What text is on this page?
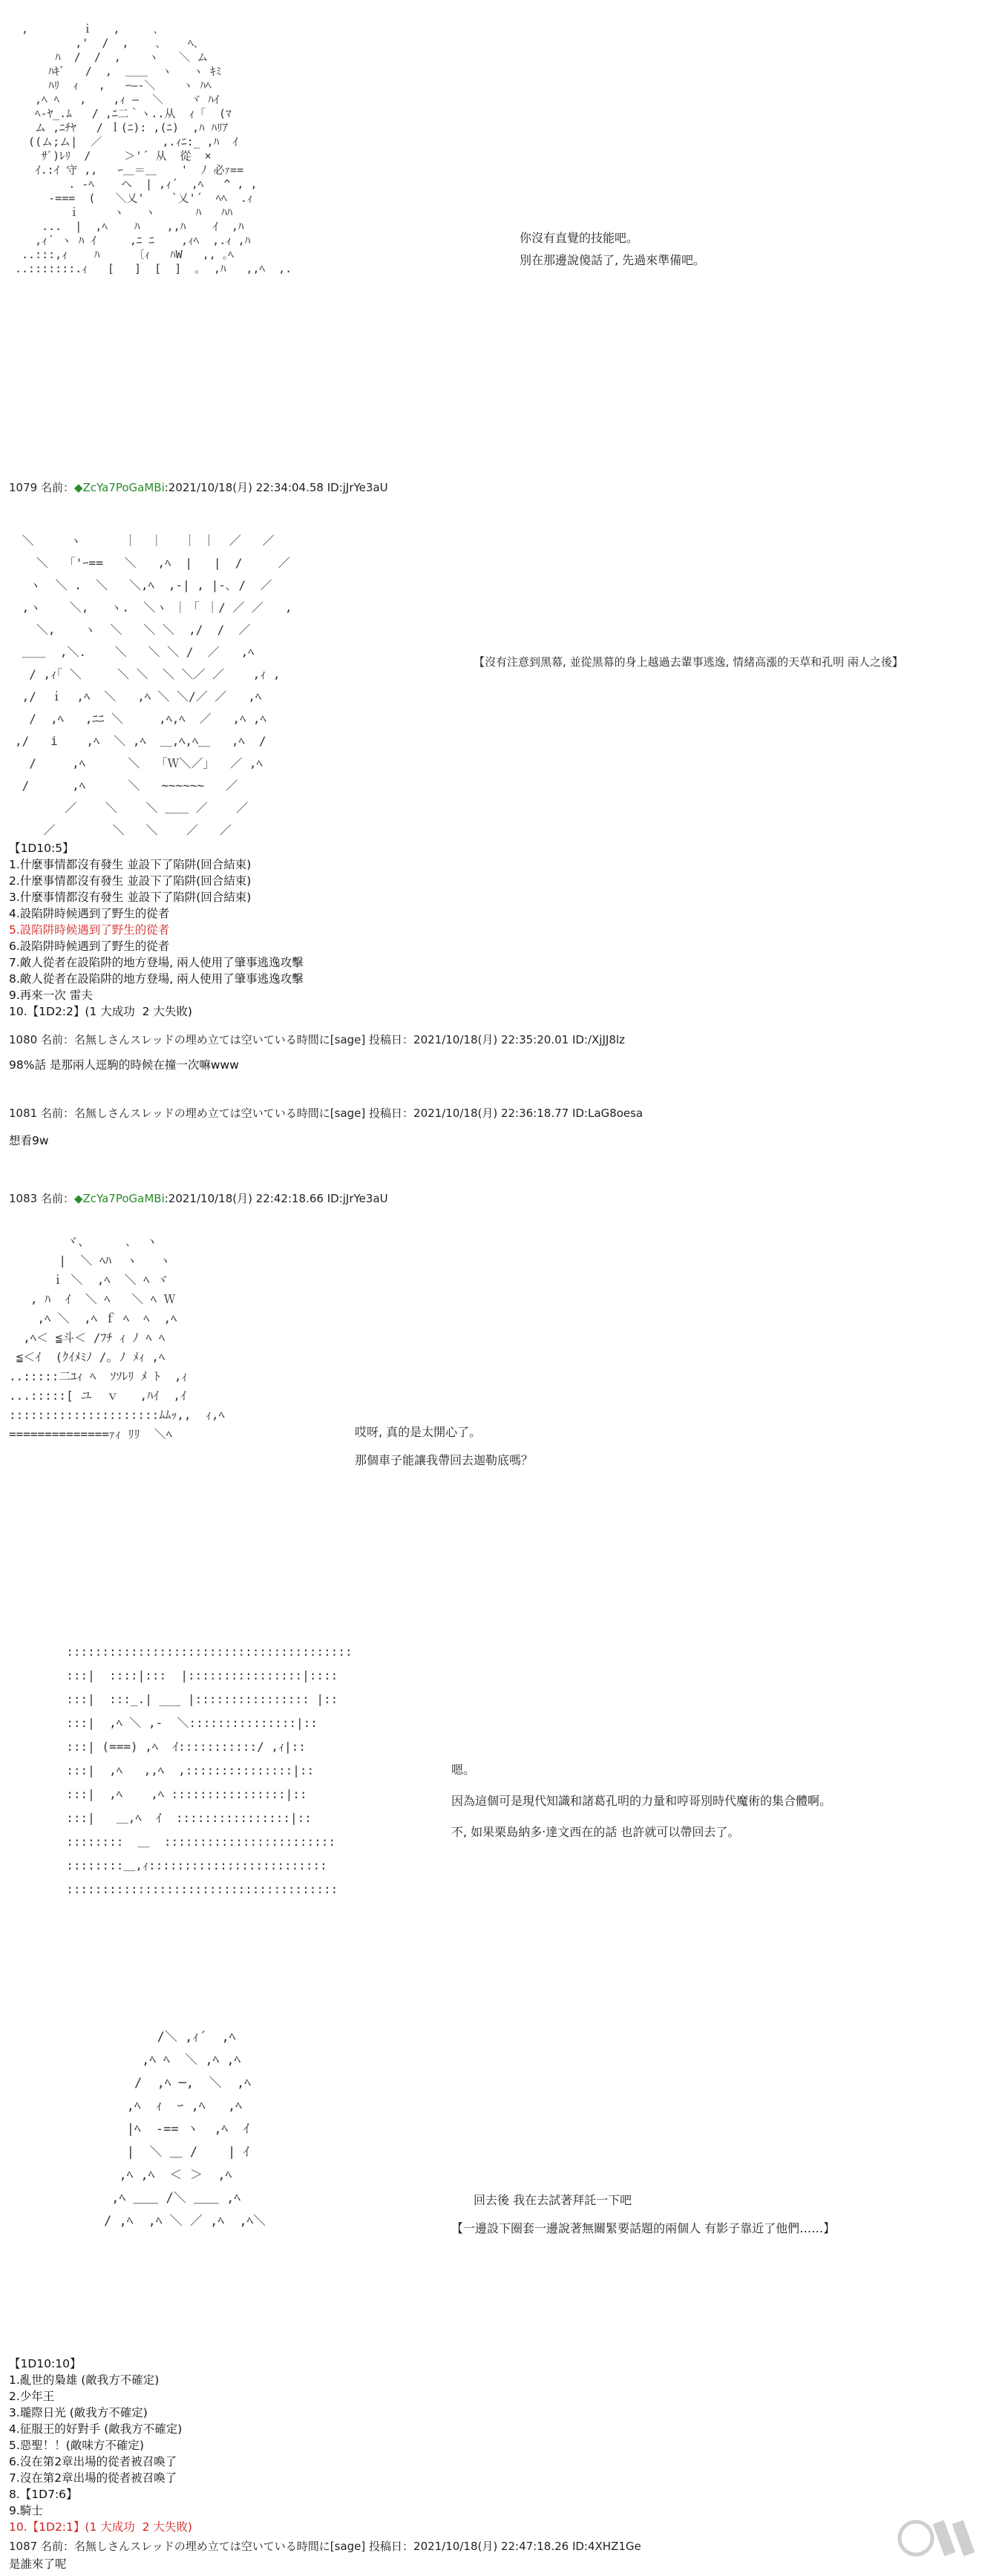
,        ｉ   ,     ､
,'  /  ,    ､    ﾍ､
ﾊ  /  /  ,    ヽ   ＼ ム
ﾊｷﾞ   /  ,  ＿＿  ヽ   ヽ ｷﾐ
ﾊﾘ  ｨ   ,   ｰ―-＼    ヽ ﾊﾍ
,ﾍ ﾍ   ,    ,ｨ ―  ＼    ヾ ﾊｲ
ﾍ-ﾔ_.ﾑ   / ,ﾆ二｀ヽ..从  ｨ「  (ﾏ
ム ,ﾆﾁﾔ   / ｌ(ﾆ): ,(ﾆ)  ,ﾊ ﾊﾘｱ
((ム;ム|  ／         ,.ｨﾆ:_ ,ﾊ  ｲ
ｻﾞ)ﾚﾘ  /     ＞'´ 从  從  ×
ｲ.:ｲ 守 ,,   ｰ＿＝＿　  '  ﾉ 必ｧ==
. -ﾍ    ヘ  | ,ｨ´  ,ﾍ   ^ , ,
-===  (   ＼乂'    `乂'´  ﾍﾍ  .ｨ
ｉ     ヽ   ヽ      ﾊ   ﾊﾊ
...  |  ,ﾍ    ﾊ    ,,ﾊ    ｲ  ,ﾊ
,ｨ´ ヽ ﾊ ｲ     ,ﾆ ﾆ    ,ｨﾍ  ,.ｨ ,ﾊ
..:::,ｨ    ﾊ     〔ｨ   ﾊW   ,, ｡ﾍ
..:::::::.ｨ   [   ]  [  ]  ｡  ,ﾊ   ,,ﾍ  ,.
你沒有直覺的技能吧。
別在那邊說傻話了, 先過來準備吧。
1079 名前：◆ZcYa7PoGaMBi:2021/10/18(月) 22:34:04.58 ID:jJrYe3aU
＼     ヽ      ｜  ｜   ｜ ｜  ／   ／
＼   ｢'ｰ==   ＼   ,ﾍ  |   |  /     ／
ヽ  ＼ .  ＼   ＼,ﾍ  ,-| , |-､ /  ／
,ヽ    ＼,   ヽ.  ＼ヽ ｜ ｢ ｜/ ／ ／   ,
＼,    ヽ  ＼   ＼ ＼  ,/  /  ／
＿＿  ,＼.    ＼   ＼ ＼ /  ／   ,ﾍ
/ ,ｨ｢ ＼     ＼ ＼  ＼ ＼／ ／    ,ｨ ,
,/  ｉ  ,ﾍ  ＼   ,ﾍ ＼ ＼/／ ／   ,ﾍ
/  ,ﾍ   ,ﾆﾆ ＼     ,ﾍ,ﾍ  ／   ,ﾍ ,ﾍ
,/   i    ,ﾍ  ＼ ,ﾍ  ＿,ﾍ,ﾍ＿   ,ﾍ  /
/     ,ﾍ      ＼   ｢Ｗ＼／｣   ／ ,ﾍ
/      ,ﾍ      ＼   ~~~~~~   ／
／    ＼    ＼ ＿＿ ／    ／
／        ＼   ＼    ／   ／
【沒有注意到黑幕, 並從黑幕的身上越過去輩事逃逸, 情緒高漲的天草和孔明 兩人之後】
【1D10:5】
1.什麼事情都沒有發生 並設下了陷阱(回合結束)
2.什麼事情都沒有發生 並設下了陷阱(回合結束)
3.什麼事情都沒有發生 並設下了陷阱(回合結束)
4.設陷阱時候遇到了野生的從者
5.設陷阱時候遇到了野生的從者
6.設陷阱時候遇到了野生的從者
7.敵人從者在設陷阱的地方登場, 兩人使用了肇事逃逸攻擊
8.敵人從者在設陷阱的地方登場, 兩人使用了肇事逃逸攻擊
9.再來一次 雷夫
10.【1D2:2】(1 大成功  2 大失敗)
1080 名前：名無しさんスレッドの埋め立ては空いている時間に[sage] 投稿日：2021/10/18(月) 22:35:20.01 ID:/XjJJ8lz
98%話 是那兩人逕駒的時候在撞一次嘛www
1081 名前：名無しさんスレッドの埋め立ては空いている時間に[sage] 投稿日：2021/10/18(月) 22:36:18.77 ID:LaG8oesa
想看9w
1083 名前：◆ZcYa7PoGaMBi:2021/10/18(月) 22:42:18.66 ID:jJrYe3aU
ヾ、     ､  ヽ
|  ＼ ﾍﾊ  ヽ   ヽ
ｉ ＼  ,ﾍ  ＼ ﾍ ヾ
, ﾊ  ｲ  ＼ ﾍ   ＼ ﾍ Ｗ
,ﾍ ＼  ,ﾍ ｆ ﾍ  ﾍ  ,ﾍ
,ﾍ＜ ≦斗＜ /ﾌﾁ ｨ ﾉ ﾍ ﾍ
≦＜ｲ  (ｸｲﾒﾐﾉ /｡ ﾉ ﾒｨ ,ﾍ
..:::::二ﾕｨ ﾍ  ｿｿﾚﾘ ﾒ ﾄ  ,ｨ
...:::::[ ユ  ｖ   ,ﾊｲ  ,ｲ
:::::::::::::::::::::ﾑﾑｯ,,  ｨ,ﾍ
==============ｧｨ ﾘﾘ  ＼ﾍ	哎呀, 真的是太開心了。
那個車子能讓我帶回去迦勒底嗎？
::::::::::::::::::::::::::::::::::::::::
:::|  ::::|:::  |::::::::::::::::|::::
:::|  :::_.| ___ |:::::::::::::::: |::
:::|  ,ﾍ ＼ ,-  ＼:::::::::::::::|::
:::| (===) ,ﾍ  ｲ:::::::::::/ ,ｨ|::
:::|  ,ﾍ   ,,ﾍ  ,:::::::::::::::|::
:::|  ,ﾍ    ,ﾍ ::::::::::::::::|::
:::|   ＿,ﾍ  ｲ  ::::::::::::::::|::
::::::::  ＿  ::::::::::::::::::::::::
::::::::＿,ｨ:::::::::::::::::::::::::
::::::::::::::::::::::::::::::::::::::
嗯。
因為這個可是現代知識和諸葛孔明的力量和哼哥別時代魔術的集合體啊。
不, 如果栗島納多‧達文西在的話 也許就可以帶回去了。
/＼ ,ｨ´  ,ﾍ
,ﾍ ﾍ  ＼ ,ﾍ ,ﾍ
/  ,ﾍ ─,  ＼  ,ﾍ
,ﾍ  ｨ  ｰ ,ﾍ   ,ﾍ
|ﾍ  -== ヽ  ,ﾍ  ｲ
|  ＼ ＿ /    | ｲ
,ﾍ ,ﾍ  ＜ ＞  ,ﾍ
,ﾍ ＿＿ /＼ ＿＿ ,ﾍ
/ ,ﾍ  ,ﾍ ＼ ／ ,ﾍ  ,ﾍ＼
回去後 我在去試著拜託一下吧
【一邊設下圈套一邊說著無關緊要話題的兩個人 有影子靠近了他們……】
【1D10:10】
1.亂世的梟雄 (敵我方不確定)
2.少年王
3.瓏際日光 (敵我方不確定)
4.征服王的好對手 (敵我方不確定)
5.惡聖！！(敵味方不確定)
6.沒在第2章出場的從者被召喚了
7.沒在第2章出場的從者被召喚了
8.【1D7:6】
9.騎士
10.【1D2:1】(1 大成功  2 大失敗)
1087 名前：名無しさんスレッドの埋め立ては空いている時間に[sage] 投稿日：2021/10/18(月) 22:47:18.26 ID:4XHZ1Ge
是誰來了呢
